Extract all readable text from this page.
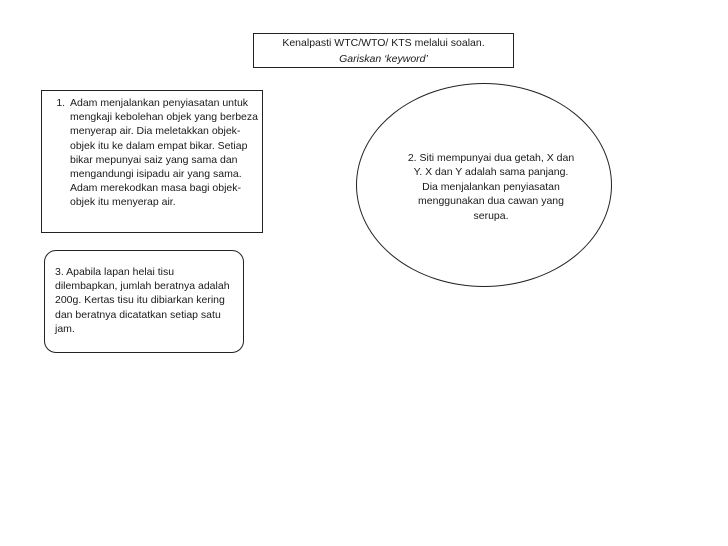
Kenalpasti WTC/WTO/ KTS melalui soalan.
Gariskan ‘keyword’
1. Adam menjalankan penyiasatan untuk mengkaji kebolehan objek yang berbeza menyerap air. Dia meletakkan objek-objek itu ke dalam empat bikar. Setiap bikar mepunyai saiz yang sama dan mengandungi isipadu air yang sama. Adam merekodkan masa bagi objek-objek itu menyerap air.
2. Siti mempunyai dua getah, X dan Y. X dan Y adalah sama panjang. Dia menjalankan penyiasatan menggunakan dua cawan yang serupa.
3. Apabila lapan helai tisu dilembapkan, jumlah beratnya adalah 200g. Kertas tisu itu dibiarkan kering dan beratnya dicatatkan setiap satu jam.
